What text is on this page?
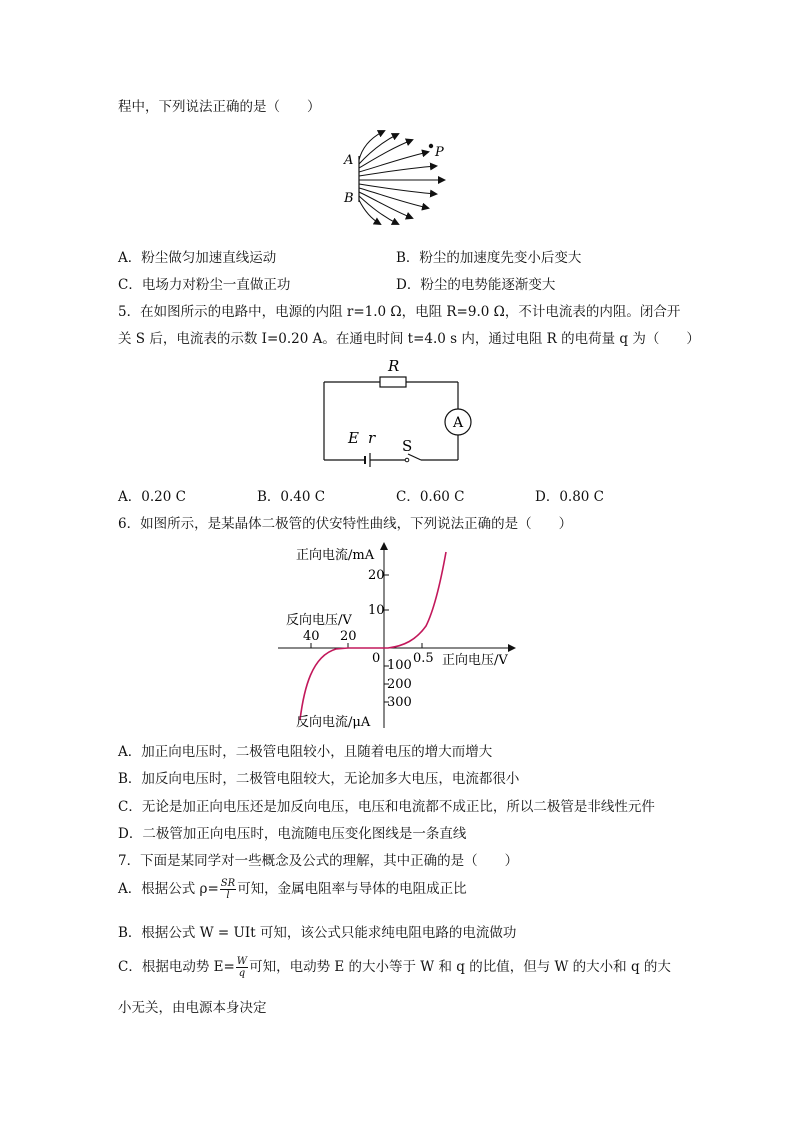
程中，下列说法正确的是（　　）
A
B
P
A．粉尘做匀加速直线运动	B．粉尘的加速度先变小后变大
C．电场力对粉尘一直做正功	D．粉尘的电势能逐渐变大
5．在如图所示的电路中，电源的内阻 r=1.0 Ω，电阻 R=9.0 Ω，不计电流表的内阻。闭合开
关 S 后，电流表的示数 I=0.20 A。在通电时间 t=4.0 s 内，通过电阻 R 的电荷量 q 为（　　）
R
A
E r S
A．0.20 C	B．0.40 C	C．0.60 C	D．0.80 C
6．如图所示，是某晶体二极管的伏安特性曲线，下列说法正确的是（　　）
正向电流/mA
20
10
反向电压/V
40 20
0	0.5 正向电压/V
100
200
300
反向电流/μA
A．加正向电压时，二极管电阻较小，且随着电压的增大而增大
B．加反向电压时，二极管电阻较大，无论加多大电压，电流都很小
C．无论是加正向电压还是加反向电压，电压和电流都不成正比，所以二极管是非线性元件
D．二极管加正向电压时，电流随电压变化图线是一条直线
7．下面是某同学对一些概念及公式的理解，其中正确的是（　　）
A．根据公式 $\rho= \frac{SR}{l}$ 可知，金属电阻率与导体的电阻成正比
B．根据公式 W = UIt 可知，该公式只能求纯电阻电路的电流做功
C．根据电动势 $E= \frac{W}{q}$ 可知，电动势 E 的大小等于 W 和 q 的比值，但与 W 的大小和 q 的大
小无关，由电源本身决定
